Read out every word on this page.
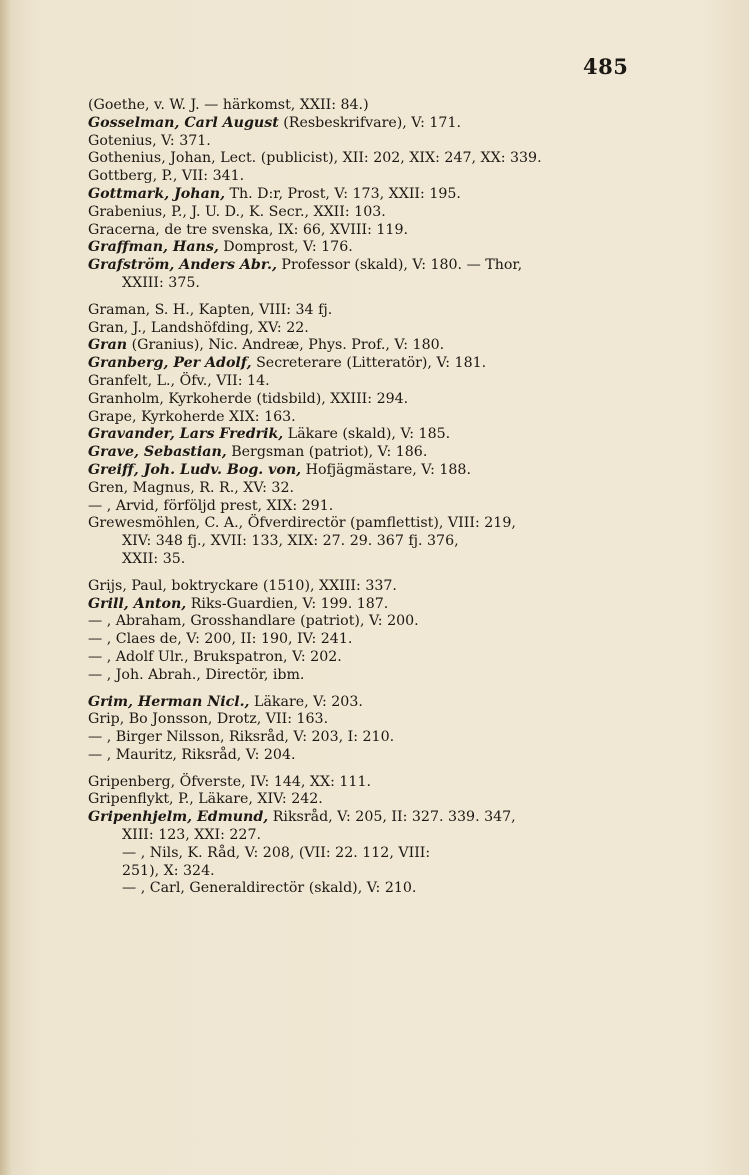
485
(Goethe, v. W. J. — härkomst, XXII: 84.)
Gosselman, Carl August (Resbeskrifvare), V: 171.
Gotenius, V: 371.
Gothenius, Johan, Lect. (publicist), XII: 202, XIX: 247, XX: 339.
Gottberg, P., VII: 341.
Gottmark, Johan, Th. D:r, Prost, V: 173, XXII: 195.
Grabenius, P., J. U. D., K. Secr., XXII: 103.
Gracerna, de tre svenska, IX: 66, XVIII: 119.
Graffman, Hans, Domprost, V: 176.
Grafström, Anders Abr., Professor (skald), V: 180. — Thor,
XXIII: 375.
Graman, S. H., Kapten, VIII: 34 fj.
Gran, J., Landshöfding, XV: 22.
Gran (Granius), Nic. Andreæ, Phys. Prof., V: 180.
Granberg, Per Adolf, Secreterare (Litteratör), V: 181.
Granfelt, L., Öfv., VII: 14.
Granholm, Kyrkoherde (tidsbild), XXIII: 294.
Grape, Kyrkoherde XIX: 163.
Gravander, Lars Fredrik, Läkare (skald), V: 185.
Grave, Sebastian, Bergsman (patriot), V: 186.
Greiff, Joh. Ludv. Bog. von, Hofjägmästare, V: 188.
Gren, Magnus, R. R., XV: 32.
— , Arvid, förföljd prest, XIX: 291.
Grewesmöhlen, C. A., Öfverdirectör (pamflettist), VIII: 219,
XIV: 348 fj., XVII: 133, XIX: 27. 29. 367 fj. 376,
XXII: 35.
Grijs, Paul, boktryckare (1510), XXIII: 337.
Grill, Anton, Riks-Guardien, V: 199. 187.
— , Abraham, Grosshandlare (patriot), V: 200.
— , Claes de, V: 200, II: 190, IV: 241.
— , Adolf Ulr., Brukspatron, V: 202.
— , Joh. Abrah., Directör, ibm.
Grim, Herman Nicl., Läkare, V: 203.
Grip, Bo Jonsson, Drotz, VII: 163.
— , Birger Nilsson, Riksråd, V: 203, I: 210.
— , Mauritz, Riksråd, V: 204.
Gripenberg, Öfverste, IV: 144, XX: 111.
Gripenflykt, P., Läkare, XIV: 242.
Gripenhjelm, Edmund, Riksråd, V: 205, II: 327. 339. 347,
XIII: 123, XXI: 227.
— , Nils, K. Råd, V: 208, (VII: 22. 112, VIII:
251), X: 324.
— , Carl, Generaldirectör (skald), V: 210.
